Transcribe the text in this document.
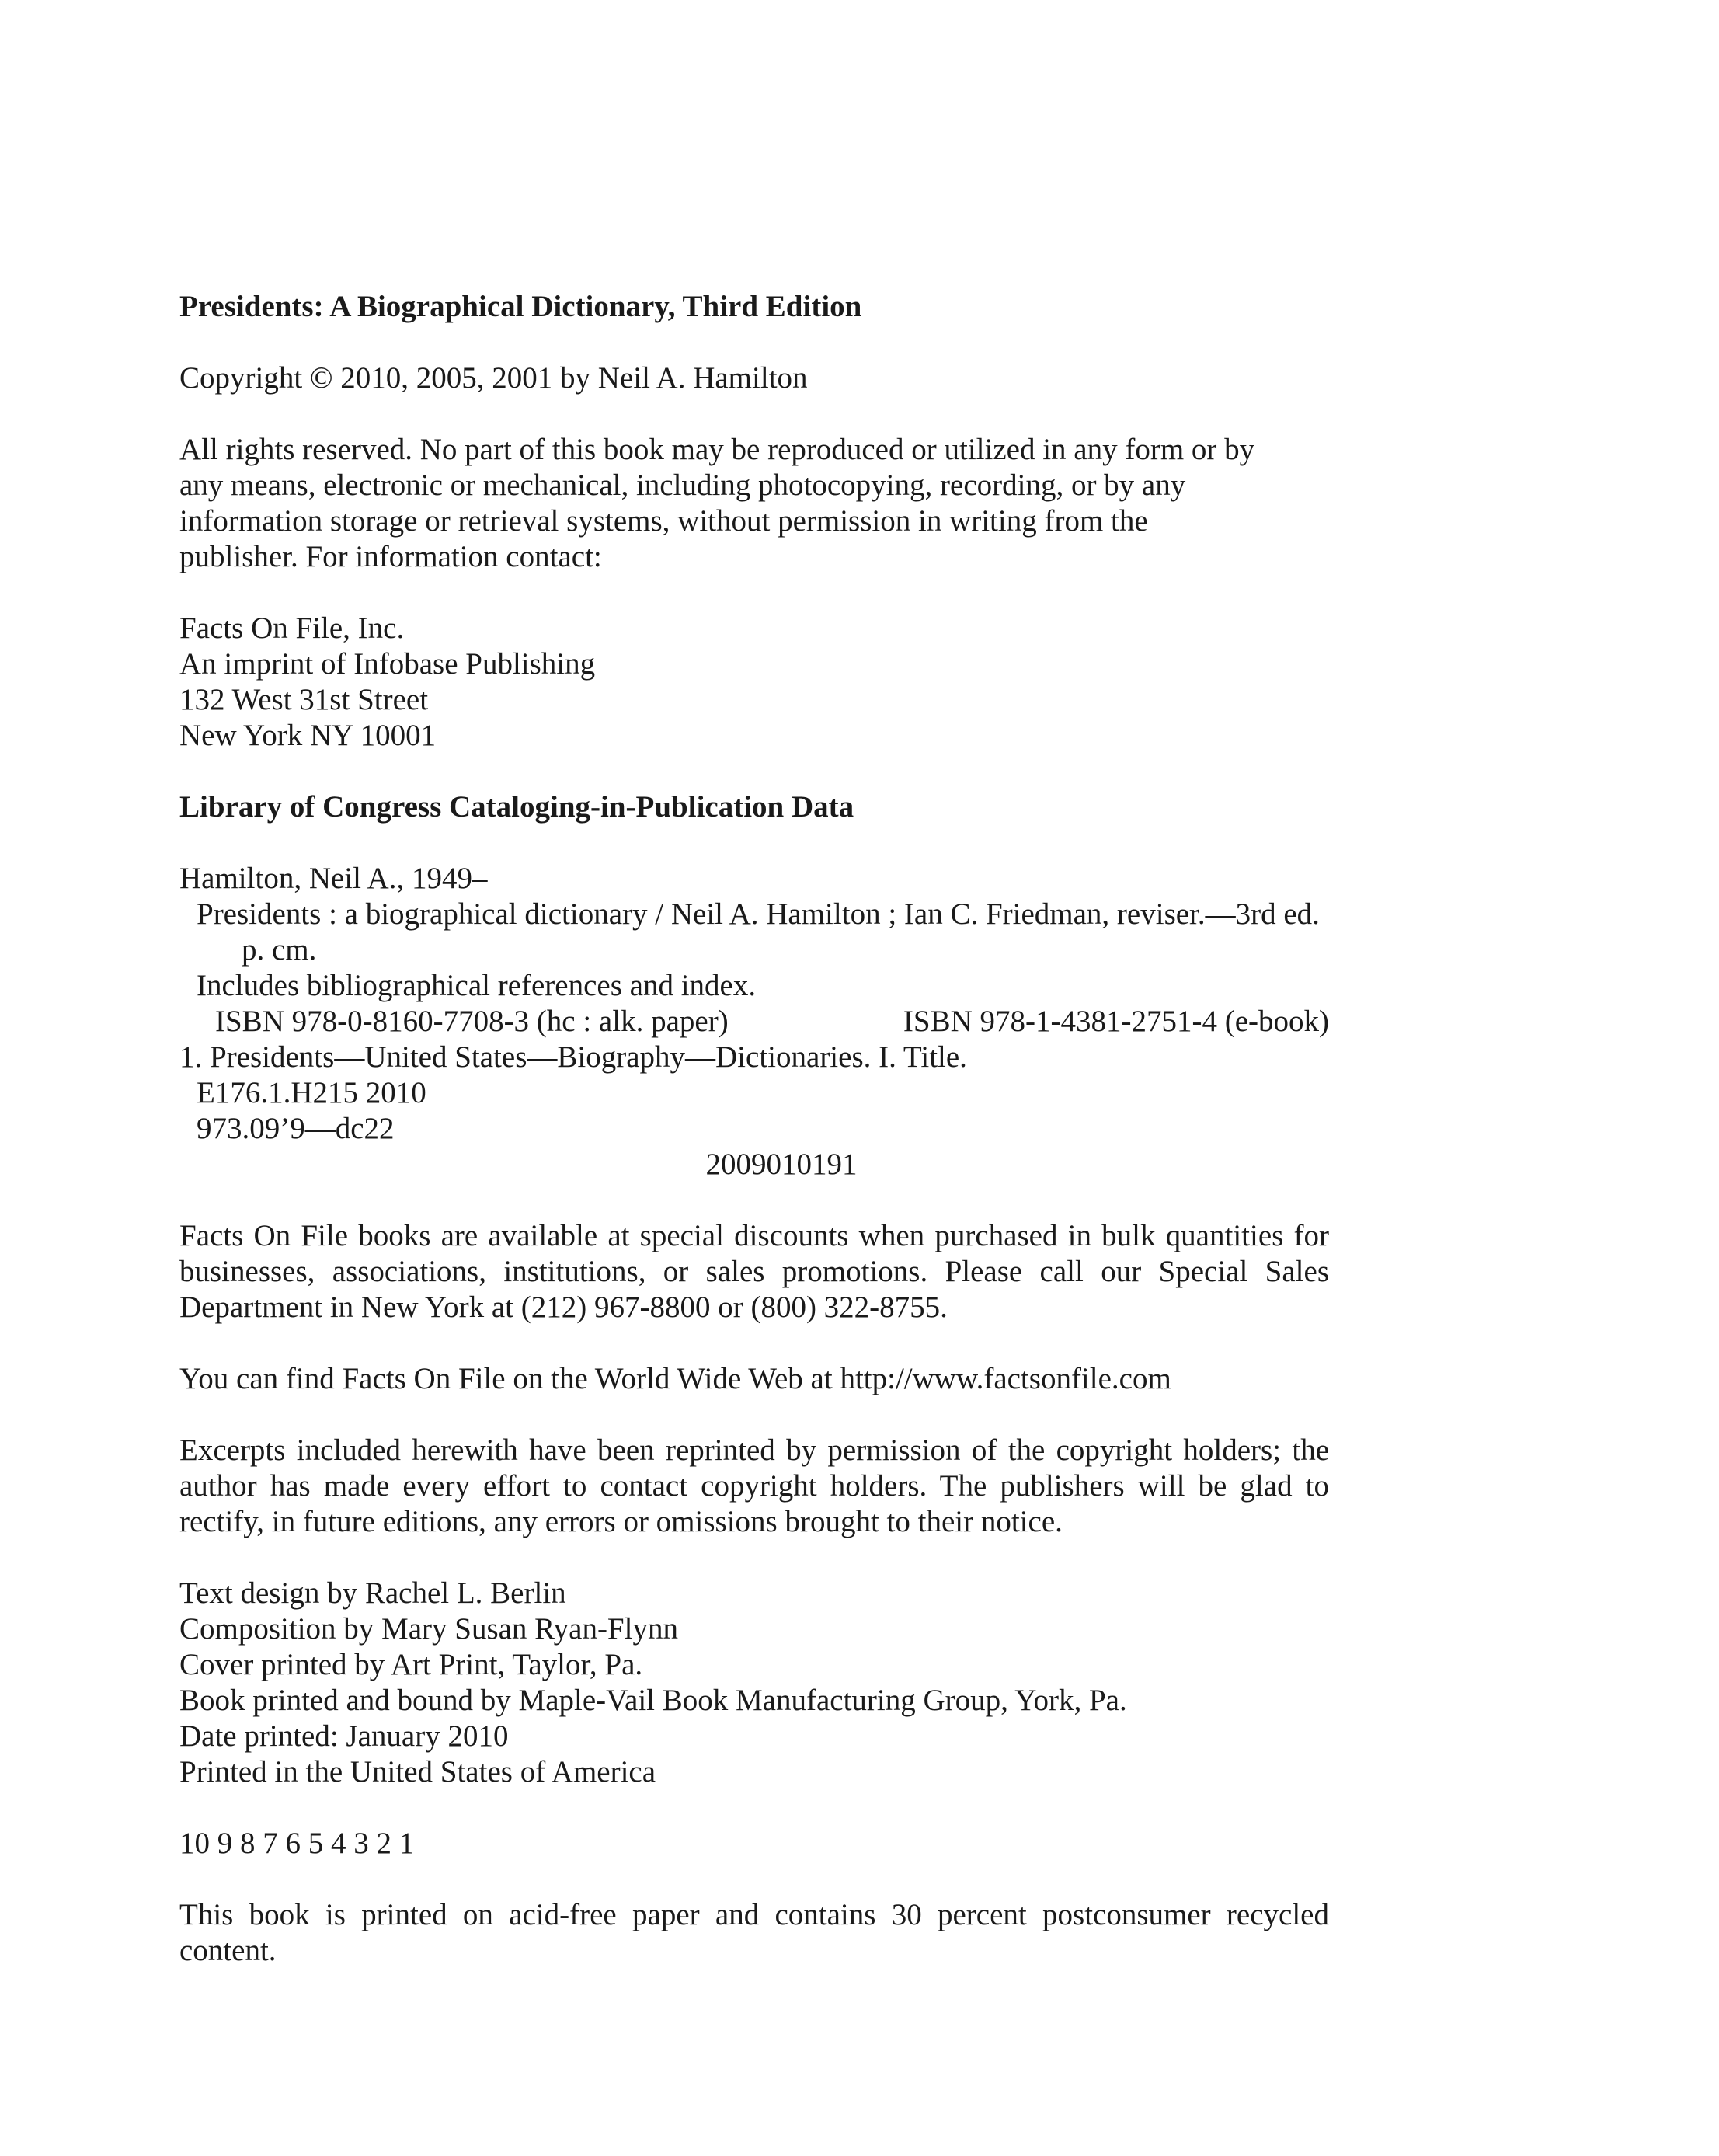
Presidents: A Biographical Dictionary, Third Edition
Copyright © 2010, 2005, 2001 by Neil A. Hamilton
All rights reserved. No part of this book may be reproduced or utilized in any form or by
any means, electronic or mechanical, including photocopying, recording, or by any
information storage or retrieval systems, without permission in writing from the
publisher. For information contact:
Facts On File, Inc.
An imprint of Infobase Publishing
132 West 31st Street
New York NY 10001
Library of Congress Cataloging-in-Publication Data
Hamilton, Neil A., 1949–
Presidents : a biographical dictionary / Neil A. Hamilton ; Ian C. Friedman, reviser.—3rd ed.
p. cm.
Includes bibliographical references and index.
ISBN 978-0-8160-7708-3 (hc : alk. paper)	ISBN 978-1-4381-2751-4 (e-book)
1. Presidents—United States—Biography—Dictionaries. I. Title.
E176.1.H215 2010
973.09’9—dc22
2009010191
Facts On File books are available at special discounts when purchased in bulk quantities for
businesses, associations, institutions, or sales promotions. Please call our Special Sales
Department in New York at (212) 967-8800 or (800) 322-8755.
You can find Facts On File on the World Wide Web at http://www.factsonfile.com
Excerpts included herewith have been reprinted by permission of the copyright holders; the
author has made every effort to contact copyright holders. The publishers will be glad to
rectify, in future editions, any errors or omissions brought to their notice.
Text design by Rachel L. Berlin
Composition by Mary Susan Ryan-Flynn
Cover printed by Art Print, Taylor, Pa.
Book printed and bound by Maple-Vail Book Manufacturing Group, York, Pa.
Date printed: January 2010
Printed in the United States of America
10 9 8 7 6 5 4 3 2 1
This book is printed on acid-free paper and contains 30 percent postconsumer recycled
content.
